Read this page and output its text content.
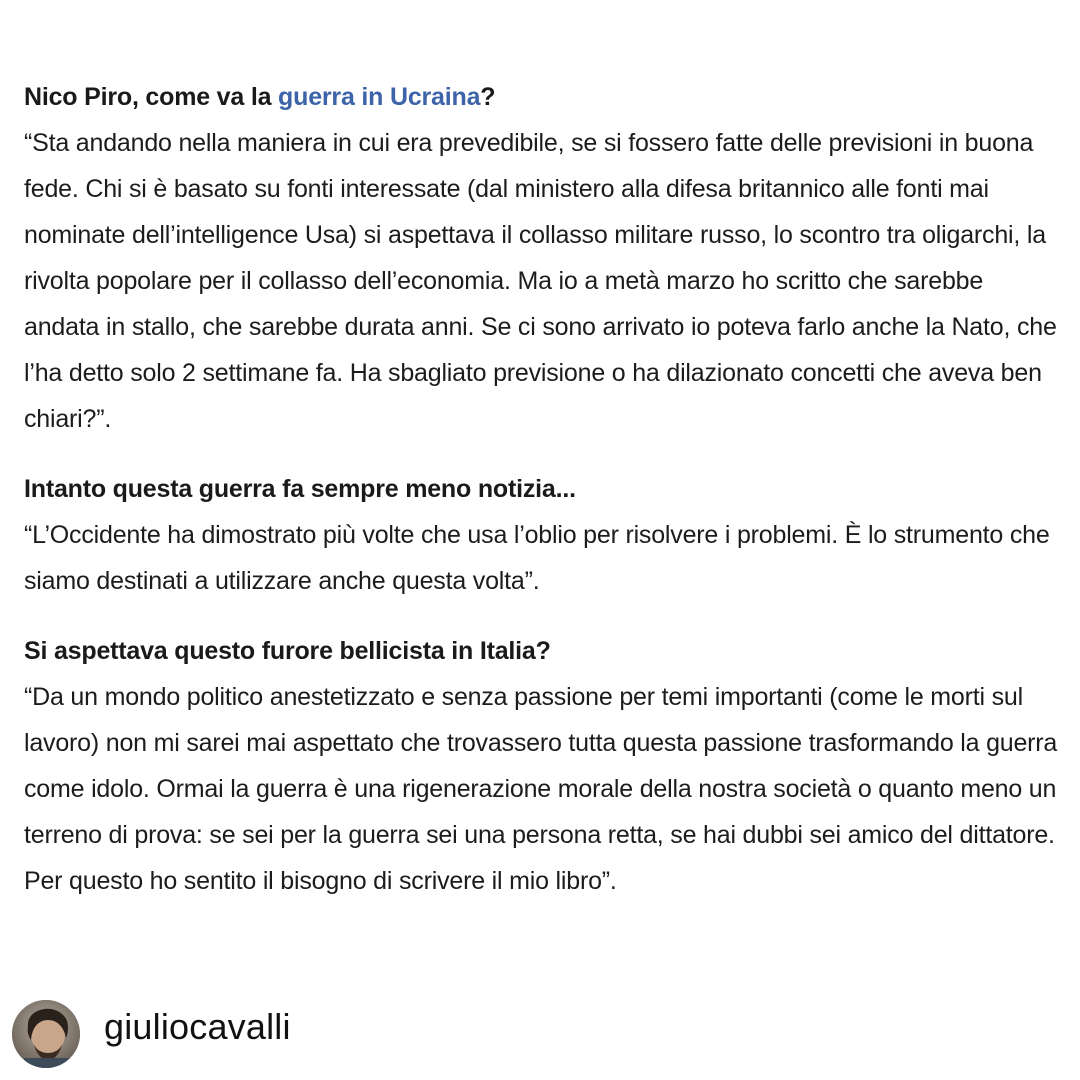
Nico Piro, come va la guerra in Ucraina?
“Sta andando nella maniera in cui era prevedibile, se si fossero fatte delle previsioni in buona fede. Chi si è basato su fonti interessate (dal ministero alla difesa britannico alle fonti mai nominate dell’intelligence Usa) si aspettava il collasso militare russo, lo scontro tra oligarchi, la rivolta popolare per il collasso dell’economia. Ma io a metà marzo ho scritto che sarebbe andata in stallo, che sarebbe durata anni. Se ci sono arrivato io poteva farlo anche la Nato, che l’ha detto solo 2 settimane fa. Ha sbagliato previsione o ha dilazionato concetti che aveva ben chiari?”.

Intanto questa guerra fa sempre meno notizia...
“L’Occidente ha dimostrato più volte che usa l’oblio per risolvere i problemi. È lo strumento che siamo destinati a utilizzare anche questa volta”.

Si aspettava questo furore bellicista in Italia?
“Da un mondo politico anestetizzato e senza passione per temi importanti (come le morti sul lavoro) non mi sarei mai aspettato che trovassero tutta questa passione trasformando la guerra come idolo. Ormai la guerra è una rigenerazione morale della nostra società o quanto meno un terreno di prova: se sei per la guerra sei una persona retta, se hai dubbi sei amico del dittatore. Per questo ho sentito il bisogno di scrivere il mio libro”.

giuliocavalli
